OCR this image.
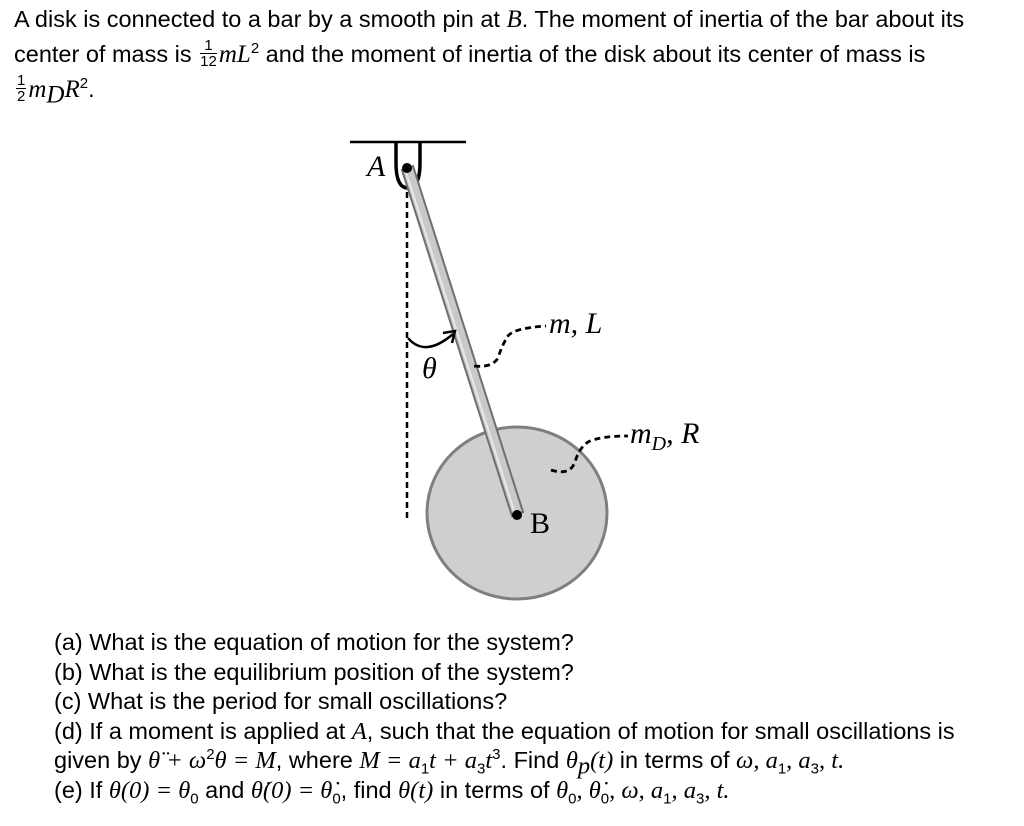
A disk is connected to a bar by a smooth pin at B. The moment of inertia of the bar about its center of mass is $\frac{1}{12} mL^2$ and the moment of inertia of the disk about its center of mass is

$\frac{1}{2} m_DR^2$.
A
B
θ
m, L
$m_D$, R
(a) What is the equation of motion for the system?
(b) What is the equilibrium position of the system?
(c) What is the period for small oscillations?
(d) If a moment is applied at A, such that the equation of motion for small oscillations is
given by θ̈ + $\omega^2\theta = M$, where $M = a_1t + a_3t^3$. Find $\theta_p(t)$ in terms of ω, $a_1$, $a_3$, t.
(e) If $\theta(0) = \theta_0$ and θ̇(0) = $\thetȧ_0$, find θ(t) in terms of $\theta_0$, $\thetȧ_0$, ω, $a_1$, $a_3$, t.
